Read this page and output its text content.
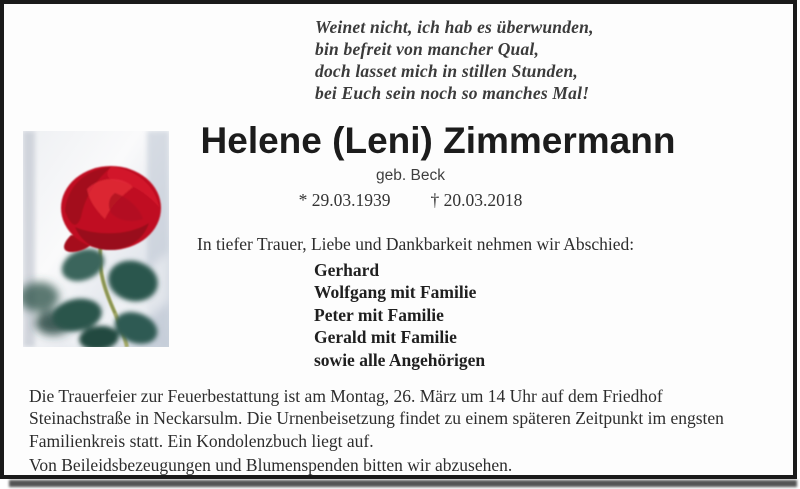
Weinet nicht, ich hab es überwunden,
bin befreit von mancher Qual,
doch lasset mich in stillen Stunden,
bei Euch sein noch so manches Mal!
Helene (Leni) Zimmermann
geb. Beck
* 29.03.1939 † 20.03.2018
In tiefer Trauer, Liebe und Dankbarkeit nehmen wir Abschied:
Gerhard
Wolfgang mit Familie
Peter mit Familie
Gerald mit Familie
sowie alle Angehörigen
Die Trauerfeier zur Feuerbestattung ist am Montag, 26. März um 14 Uhr auf dem Friedhof Steinachstraße in Neckarsulm. Die Urnenbeisetzung findet zu einem späteren Zeitpunkt im engsten Familienkreis statt. Ein Kondolenzbuch liegt auf.
Von Beileidsbezeugungen und Blumenspenden bitten wir abzusehen.
